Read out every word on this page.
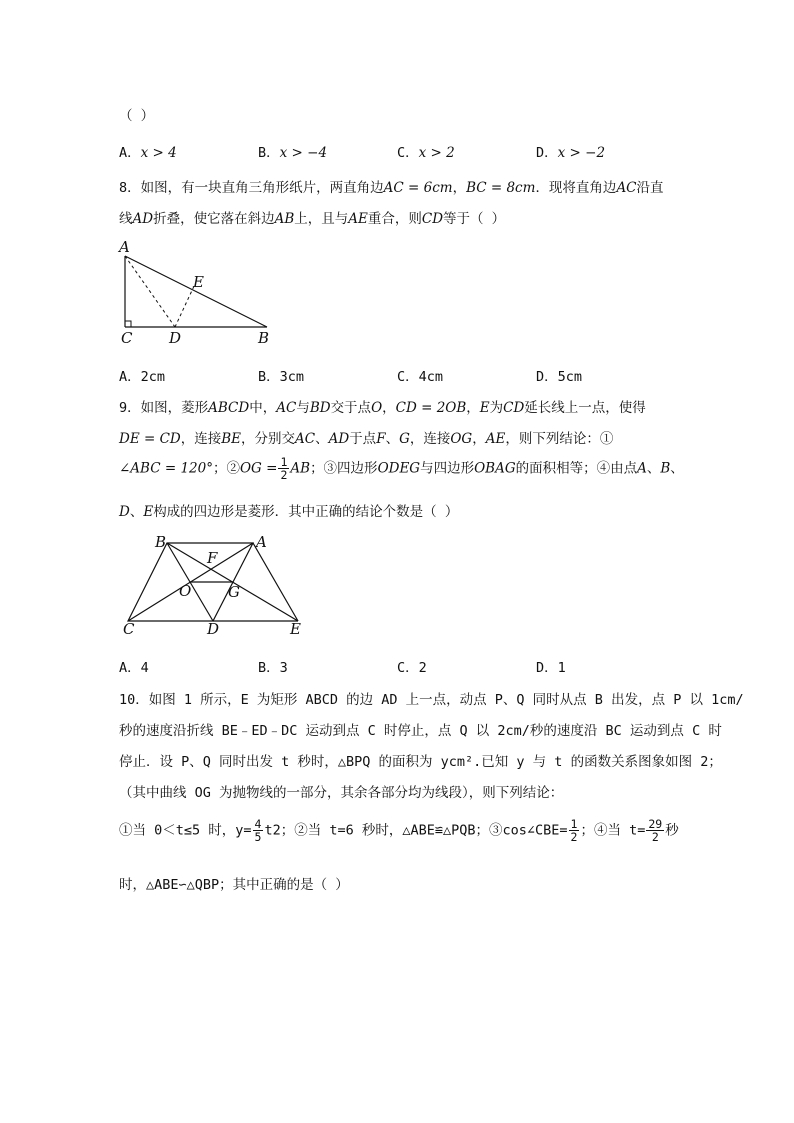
（ ）
A．x > 4	B．x > −4	C．x > 2	D．x > −2
8．如图，有一块直角三角形纸片，两直角边AC = 6cm，BC = 8cm．现将直角边AC沿直
线AD折叠，使它落在斜边AB上，且与AE重合，则CD等于（ ）
A
E
C D	B
A．2cm	B．3cm	C．4cm	D．5cm
9．如图，菱形ABCD中，AC与BD交于点O，CD = 2OB，E为CD延长线上一点，使得
DE = CD，连接BE，分别交AC、AD于点F、G，连接OG，AE，则下列结论：①
∠ABC = 120°；②OG = $\frac{1}{2}$ AB；③四边形ODEG与四边形OBAG的面积相等；④由点A、B、
D、E构成的四边形是菱形．其中正确的结论个数是（ ）
B	A
F
O G
C	D	E
A．4	B．3	C．2	D．1
10．如图 1 所示，E 为矩形 ABCD 的边 AD 上一点，动点 P、Q 同时从点 B 出发，点 P 以 1cm/
秒的速度沿折线 BE﹣ED﹣DC 运动到点 C 时停止，点 Q 以 2cm/秒的速度沿 BC 运动到点 C 时
停止．设 P、Q 同时出发 t 秒时，△BPQ 的面积为 ycm².已知 y 与 t 的函数关系图象如图 2；
（其中曲线 OG 为抛物线的一部分，其余各部分均为线段），则下列结论：
①当 0＜t≤5 时，$y= \frac{4}{5} t2$；②当 t=6 秒时，△ABE≌△PQB；③cos∠CBE= $\frac{1}{2}$ ；④当 $t= \frac{29}{2}$ 秒
时，△ABE∽△QBP；其中正确的是（ ）
